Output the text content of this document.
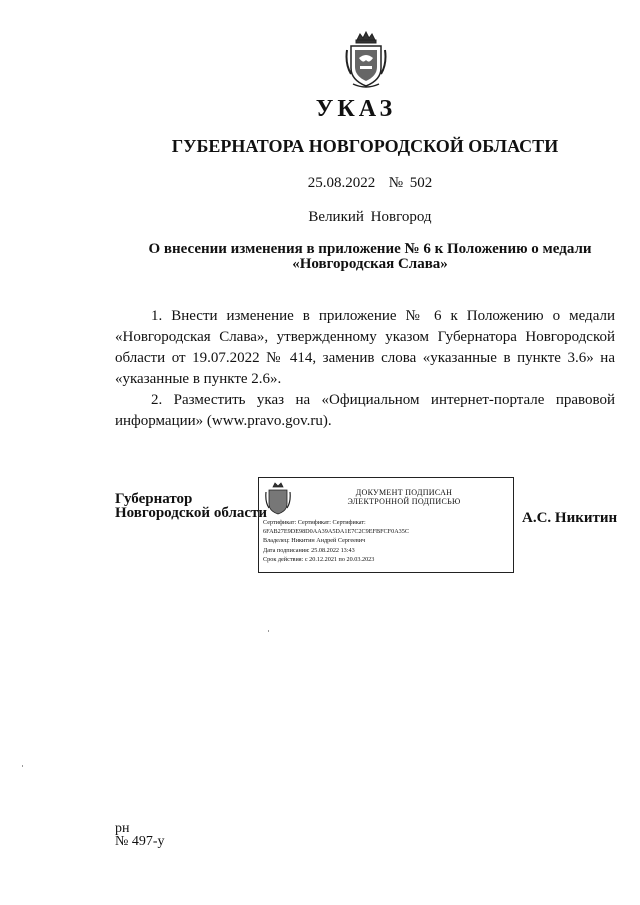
УКАЗ
ГУБЕРНАТОРА НОВГОРОДСКОЙ ОБЛАСТИ
25.08.2022 № 502
Великий Новгород
О внесении изменения в приложение № 6 к Положению о медали
«Новгородская Слава»

1. Внести изменение в приложение № 6 к Положению о медали «Новгородская Слава», утвержденному указом Губернатора Новгородской области от 19.07.2022 № 414, заменив слова «указанные в пункте 3.6» на «указанные в пункте 2.6».

2. Разместить указ на «Официальном интернет-портале правовой информации» (www.pravo.gov.ru).

Губернатор
Новгородской области
ДОКУМЕНТ ПОДПИСАН
ЭЛЕКТРОННОЙ ПОДПИСЬЮ
Сертификат: Сертификат: Сертификат:
6FAB27E9DE98D0AA39A5DA1E7C2C9EFBFCF0A35C
Владелец: Никитин Андрей Сергеевич
Дата подписания: 25.08.2022 13:43
Срок действия: с 20.12.2021 по 20.03.2023
А.С. Никитин
рн
№ 497-у
